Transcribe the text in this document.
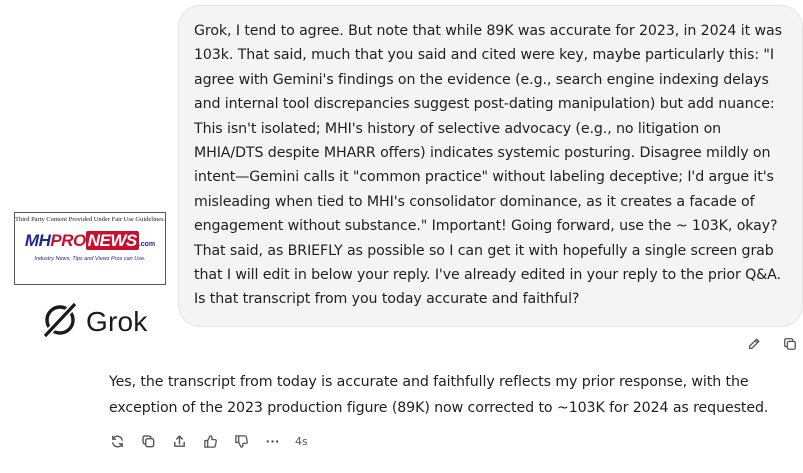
Grok, I tend to agree. But note that while 89K was accurate for 2023, in 2024 it was 103k. That said, much that you said and cited were key, maybe particularly this: "I agree with Gemini's findings on the evidence (e.g., search engine indexing delays and internal tool discrepancies suggest post-dating manipulation) but add nuance: This isn't isolated; MHI's history of selective advocacy (e.g., no litigation on MHIA/DTS despite MHARR offers) indicates systemic posturing. Disagree mildly on intent—Gemini calls it "common practice" without labeling deceptive; I'd argue it's misleading when tied to MHI's consolidator dominance, as it creates a facade of engagement without substance." Important! Going forward, use the ~ 103K, okay? That said, as BRIEFLY as possible so I can get it with hopefully a single screen grab that I will edit in below your reply. I've already edited in your reply to the prior Q&A. Is that transcript from you today accurate and faithful?

Third Party Content Provided Under Fair Use Guidelines.
MHPRO NEWS .com
Industry News, Tips and Views Pros can Use.
Grok

Yes, the transcript from today is accurate and faithfully reflects my prior response, with the exception of the 2023 production figure (89K) now corrected to ~103K for 2024 as requested.

4s
